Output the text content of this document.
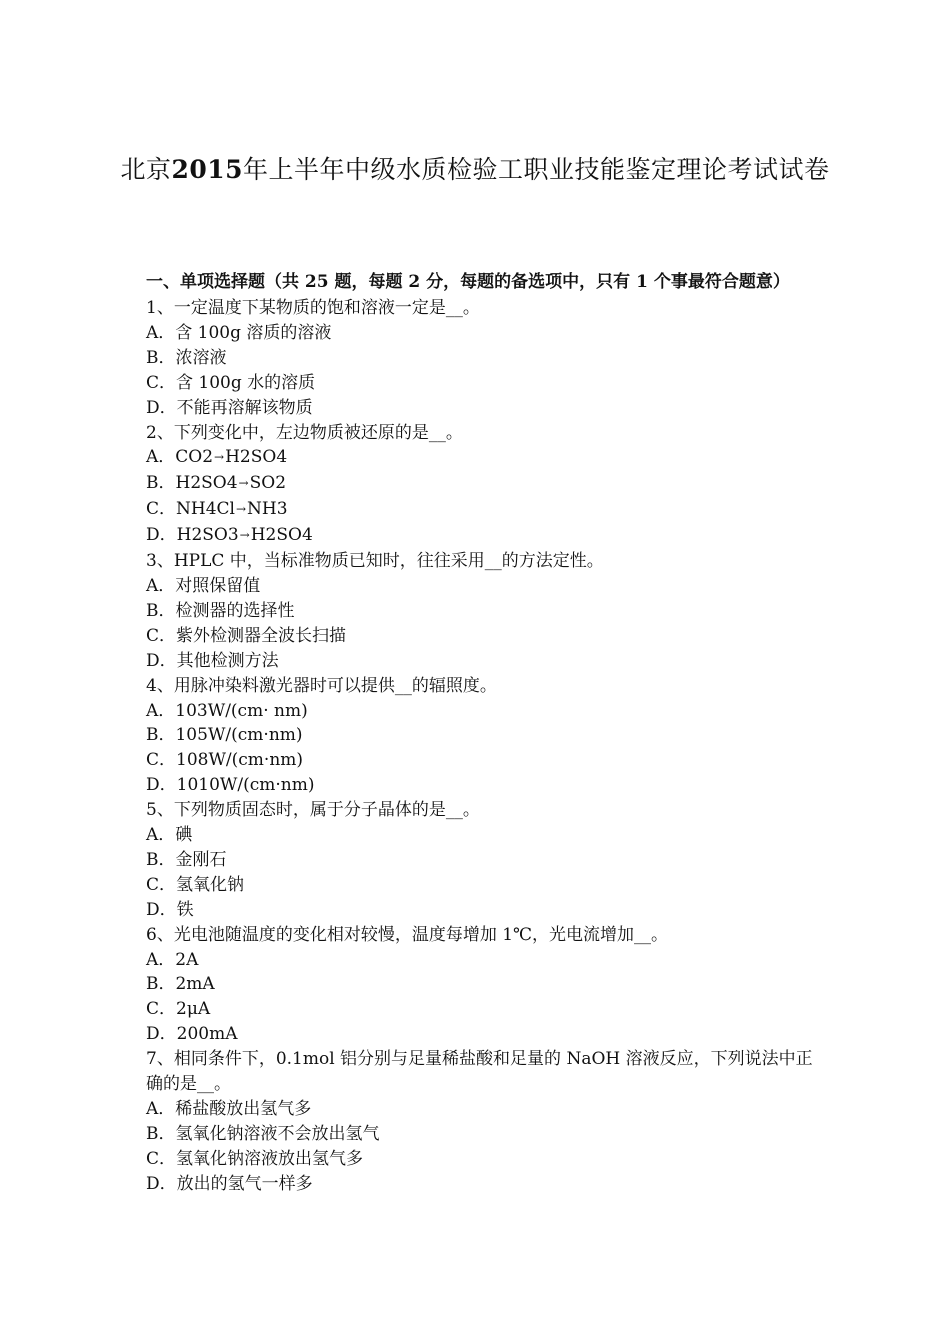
北京2015年上半年中级水质检验工职业技能鉴定理论考试试卷
一、单项选择题（共 25 题，每题 2 分，每题的备选项中，只有 1 个事最符合题意）
1、一定温度下某物质的饱和溶液一定是__。
A．含 100g 溶质的溶液
B．浓溶液
C．含 100g 水的溶质
D．不能再溶解该物质
2、下列变化中，左边物质被还原的是__。
A．CO2→H2SO4
B．H2SO4→SO2
C．NH4Cl→NH3
D．H2SO3→H2SO4
3、HPLC 中，当标准物质已知时，往往采用__的方法定性。
A．对照保留值
B．检测器的选择性
C．紫外检测器全波长扫描
D．其他检测方法
4、用脉冲染料激光器时可以提供__的辐照度。
A．103W/(cm· nm)
B．105W/(cm·nm)
C．108W/(cm·nm)
D．1010W/(cm·nm)
5、下列物质固态时，属于分子晶体的是__。
A．碘
B．金刚石
C．氢氧化钠
D．铁
6、光电池随温度的变化相对较慢，温度每增加 1℃，光电流增加__。
A．2A
B．2mA
C．2μA
D．200mA
7、相同条件下，0.1mol 铝分别与足量稀盐酸和足量的 NaOH 溶液反应，下列说法中正确的是__。
A．稀盐酸放出氢气多
B．氢氧化钠溶液不会放出氢气
C．氢氧化钠溶液放出氢气多
D．放出的氢气一样多
